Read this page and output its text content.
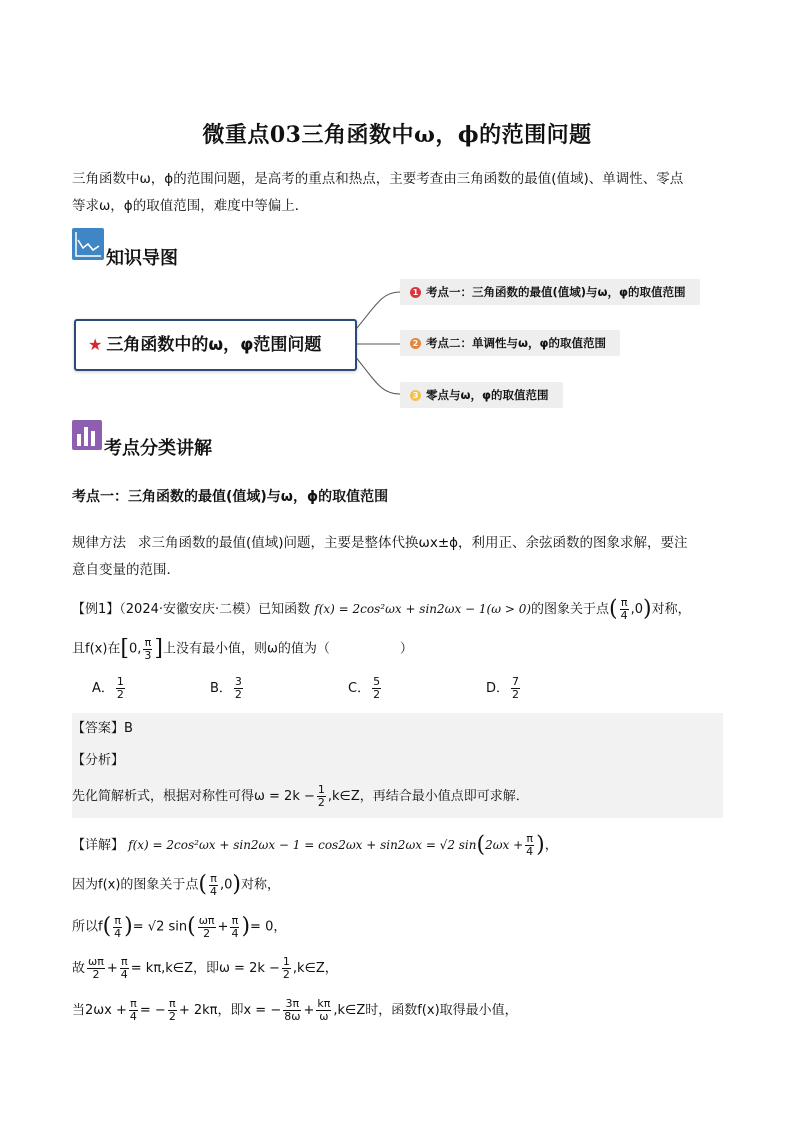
微重点03三角函数中ω，ϕ的范围问题
三角函数中ω，ϕ的范围问题，是高考的重点和热点，主要考查由三角函数的最值(值域)、单调性、零点
等求ω，ϕ的取值范围，难度中等偏上．
知识导图
★ 三角函数中的ω，φ范围问题
1 考点一：三角函数的最值(值域)与ω，φ的取值范围
2 考点二：单调性与ω，φ的取值范围
3 零点与ω，φ的取值范围
考点分类讲解
考点一：三角函数的最值(值域)与ω，ϕ的取值范围
规律方法 求三角函数的最值(值域)问题，主要是整体代换ωx±ϕ，利用正、余弦函数的图象求解，要注
意自变量的范围．
【例1】（2024·安徽安庆·二模）已知函数 f(x) = 2cos²ωx + sin2ωx − 1(ω > 0)的图象关于点( $\frac{\pi}{4} ,0$)对称，
且f(x)在[0, $\frac{\pi}{3}$ ]上没有最小值，则ω的值为（	）
A． $\frac{1}{2}$	B． $\frac{3}{2}$	C． $\frac{5}{2}$	D． $\frac{7}{2}$
【答案】B
【分析】
先化简解析式，根据对称性可得$\omega = 2k - \frac{1}{2}$ ,k∈Z，再结合最小值点即可求解．
【详解】 f(x) = 2cos²ωx + sin2ωx − 1 = cos2ωx + sin2ωx = √2 $\sin(2\omega x + \frac{\pi}{4}$ )，
因为f(x)的图象关于点( $\frac{\pi}{4} ,0$)对称，
所以$f( \frac{\pi}{4}$ )= √2 $\sin( \frac{\omega\pi}{2} + \frac{\pi}{4}$ )= 0，
故 $\frac{\omega\pi}{2} + \frac{\pi}{4}$ = kπ,k∈Z，即$\omega = 2k - \frac{1}{2}$ ,k∈Z，
当$2\omega x + \frac{\pi}{4}$ = − $\frac{\pi}{2} + 2k\pi$，即x = − $\frac{3\pi}{8\omega} + \frac{k\pi}{\omega}$ ,k∈Z时，函数f(x)取得最小值，
